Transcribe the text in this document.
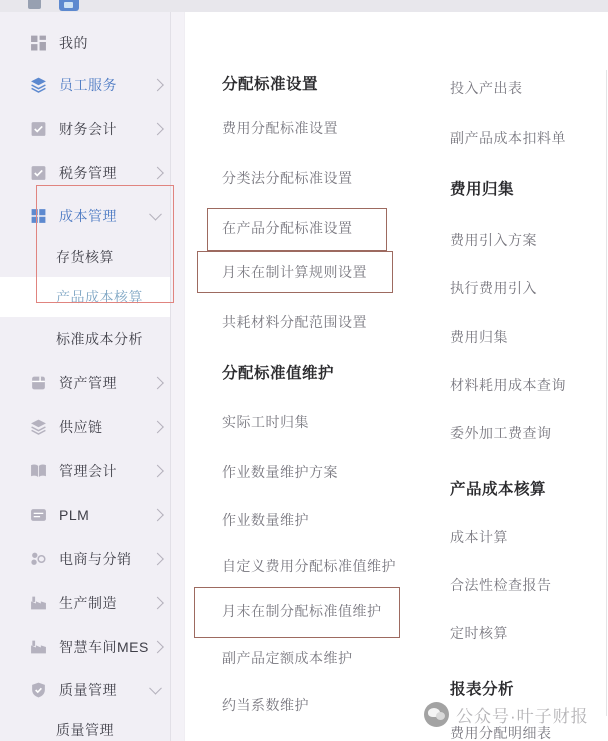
我的
员工服务
财务会计
税务管理
成本管理
存货核算
产品成本核算
标准成本分析
资产管理
供应链
管理会计
PLM
电商与分销
生产制造
智慧车间MES
质量管理
质量管理
分配标准设置
费用分配标准设置
分类法分配标准设置
在产品分配标准设置
月末在制计算规则设置
共耗材料分配范围设置
分配标准值维护
实际工时归集
作业数量维护方案
作业数量维护
自定义费用分配标准值维护
月末在制分配标准值维护
副产品定额成本维护
约当系数维护
投入产出表
副产品成本扣料单
费用归集
费用引入方案
执行费用引入
费用归集
材料耗用成本查询
委外加工费查询
产品成本核算
成本计算
合法性检查报告
定时核算
报表分析
费用分配明细表
公众号·叶子财报
